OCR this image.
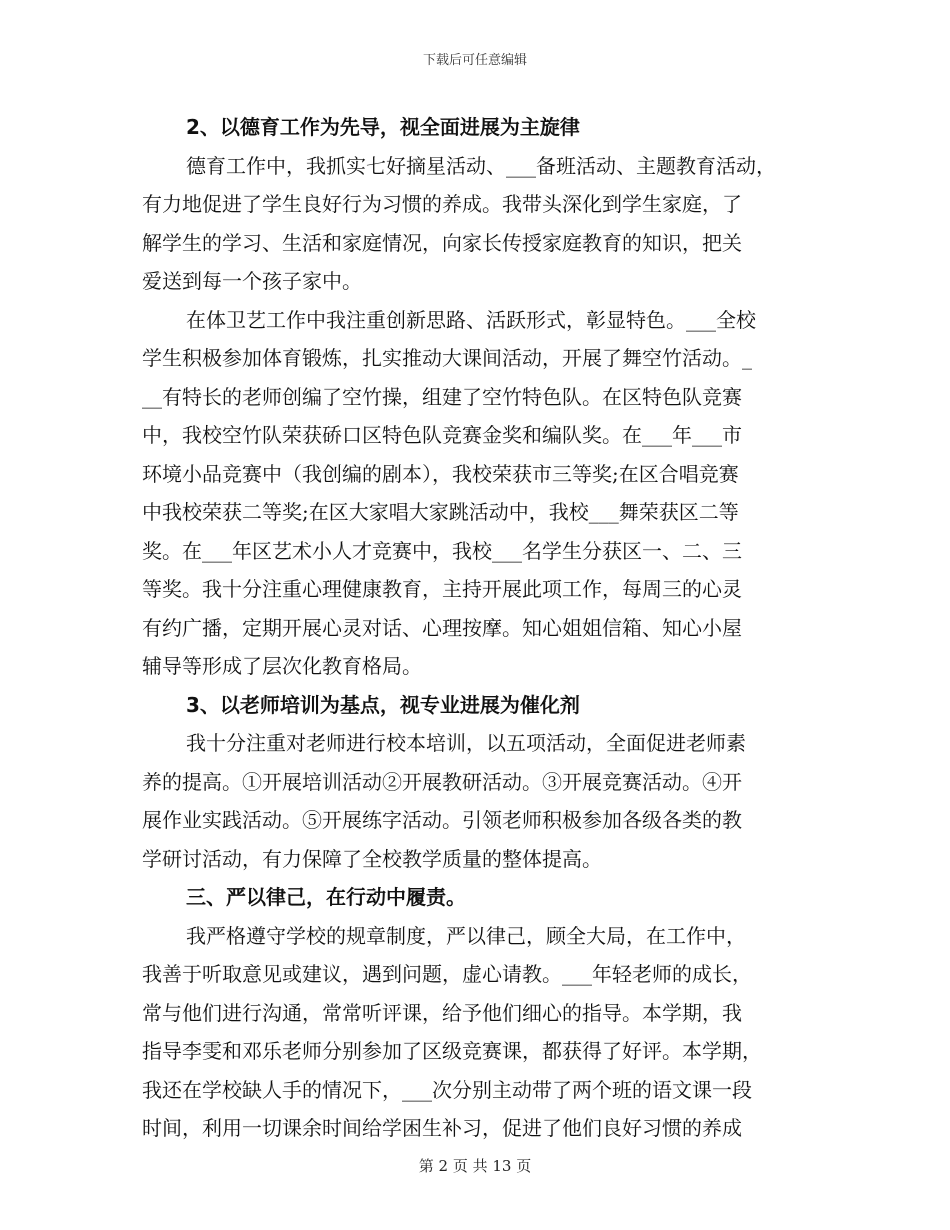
下载后可任意编辑
2、以德育工作为先导，视全面进展为主旋律
德育工作中，我抓实七好摘星活动、___备班活动、主题教育活动，
有力地促进了学生良好行为习惯的养成。我带头深化到学生家庭，了
解学生的学习、生活和家庭情况，向家长传授家庭教育的知识，把关
爱送到每一个孩子家中。
在体卫艺工作中我注重创新思路、活跃形式，彰显特色。___全校
学生积极参加体育锻炼，扎实推动大课间活动，开展了舞空竹活动。_
__有特长的老师创编了空竹操，组建了空竹特色队。在区特色队竞赛
中，我校空竹队荣获硚口区特色队竞赛金奖和编队奖。在___年___市
环境小品竞赛中（我创编的剧本），我校荣获市三等奖;在区合唱竞赛
中我校荣获二等奖;在区大家唱大家跳活动中，我校___舞荣获区二等
奖。在___年区艺术小人才竞赛中，我校___名学生分获区一、二、三
等奖。我十分注重心理健康教育，主持开展此项工作，每周三的心灵
有约广播，定期开展心灵对话、心理按摩。知心姐姐信箱、知心小屋
辅导等形成了层次化教育格局。
3、以老师培训为基点，视专业进展为催化剂
我十分注重对老师进行校本培训，以五项活动，全面促进老师素
养的提高。①开展培训活动②开展教研活动。③开展竞赛活动。④开
展作业实践活动。⑤开展练字活动。引领老师积极参加各级各类的教
学研讨活动，有力保障了全校教学质量的整体提高。
三、严以律己，在行动中履责。
我严格遵守学校的规章制度，严以律己，顾全大局，在工作中，
我善于听取意见或建议，遇到问题，虚心请教。___年轻老师的成长，
常与他们进行沟通，常常听评课，给予他们细心的指导。本学期，我
指导李雯和邓乐老师分别参加了区级竞赛课，都获得了好评。本学期，
我还在学校缺人手的情况下，___次分别主动带了两个班的语文课一段
时间，利用一切课余时间给学困生补习，促进了他们良好习惯的养成
第 2 页 共 13 页
